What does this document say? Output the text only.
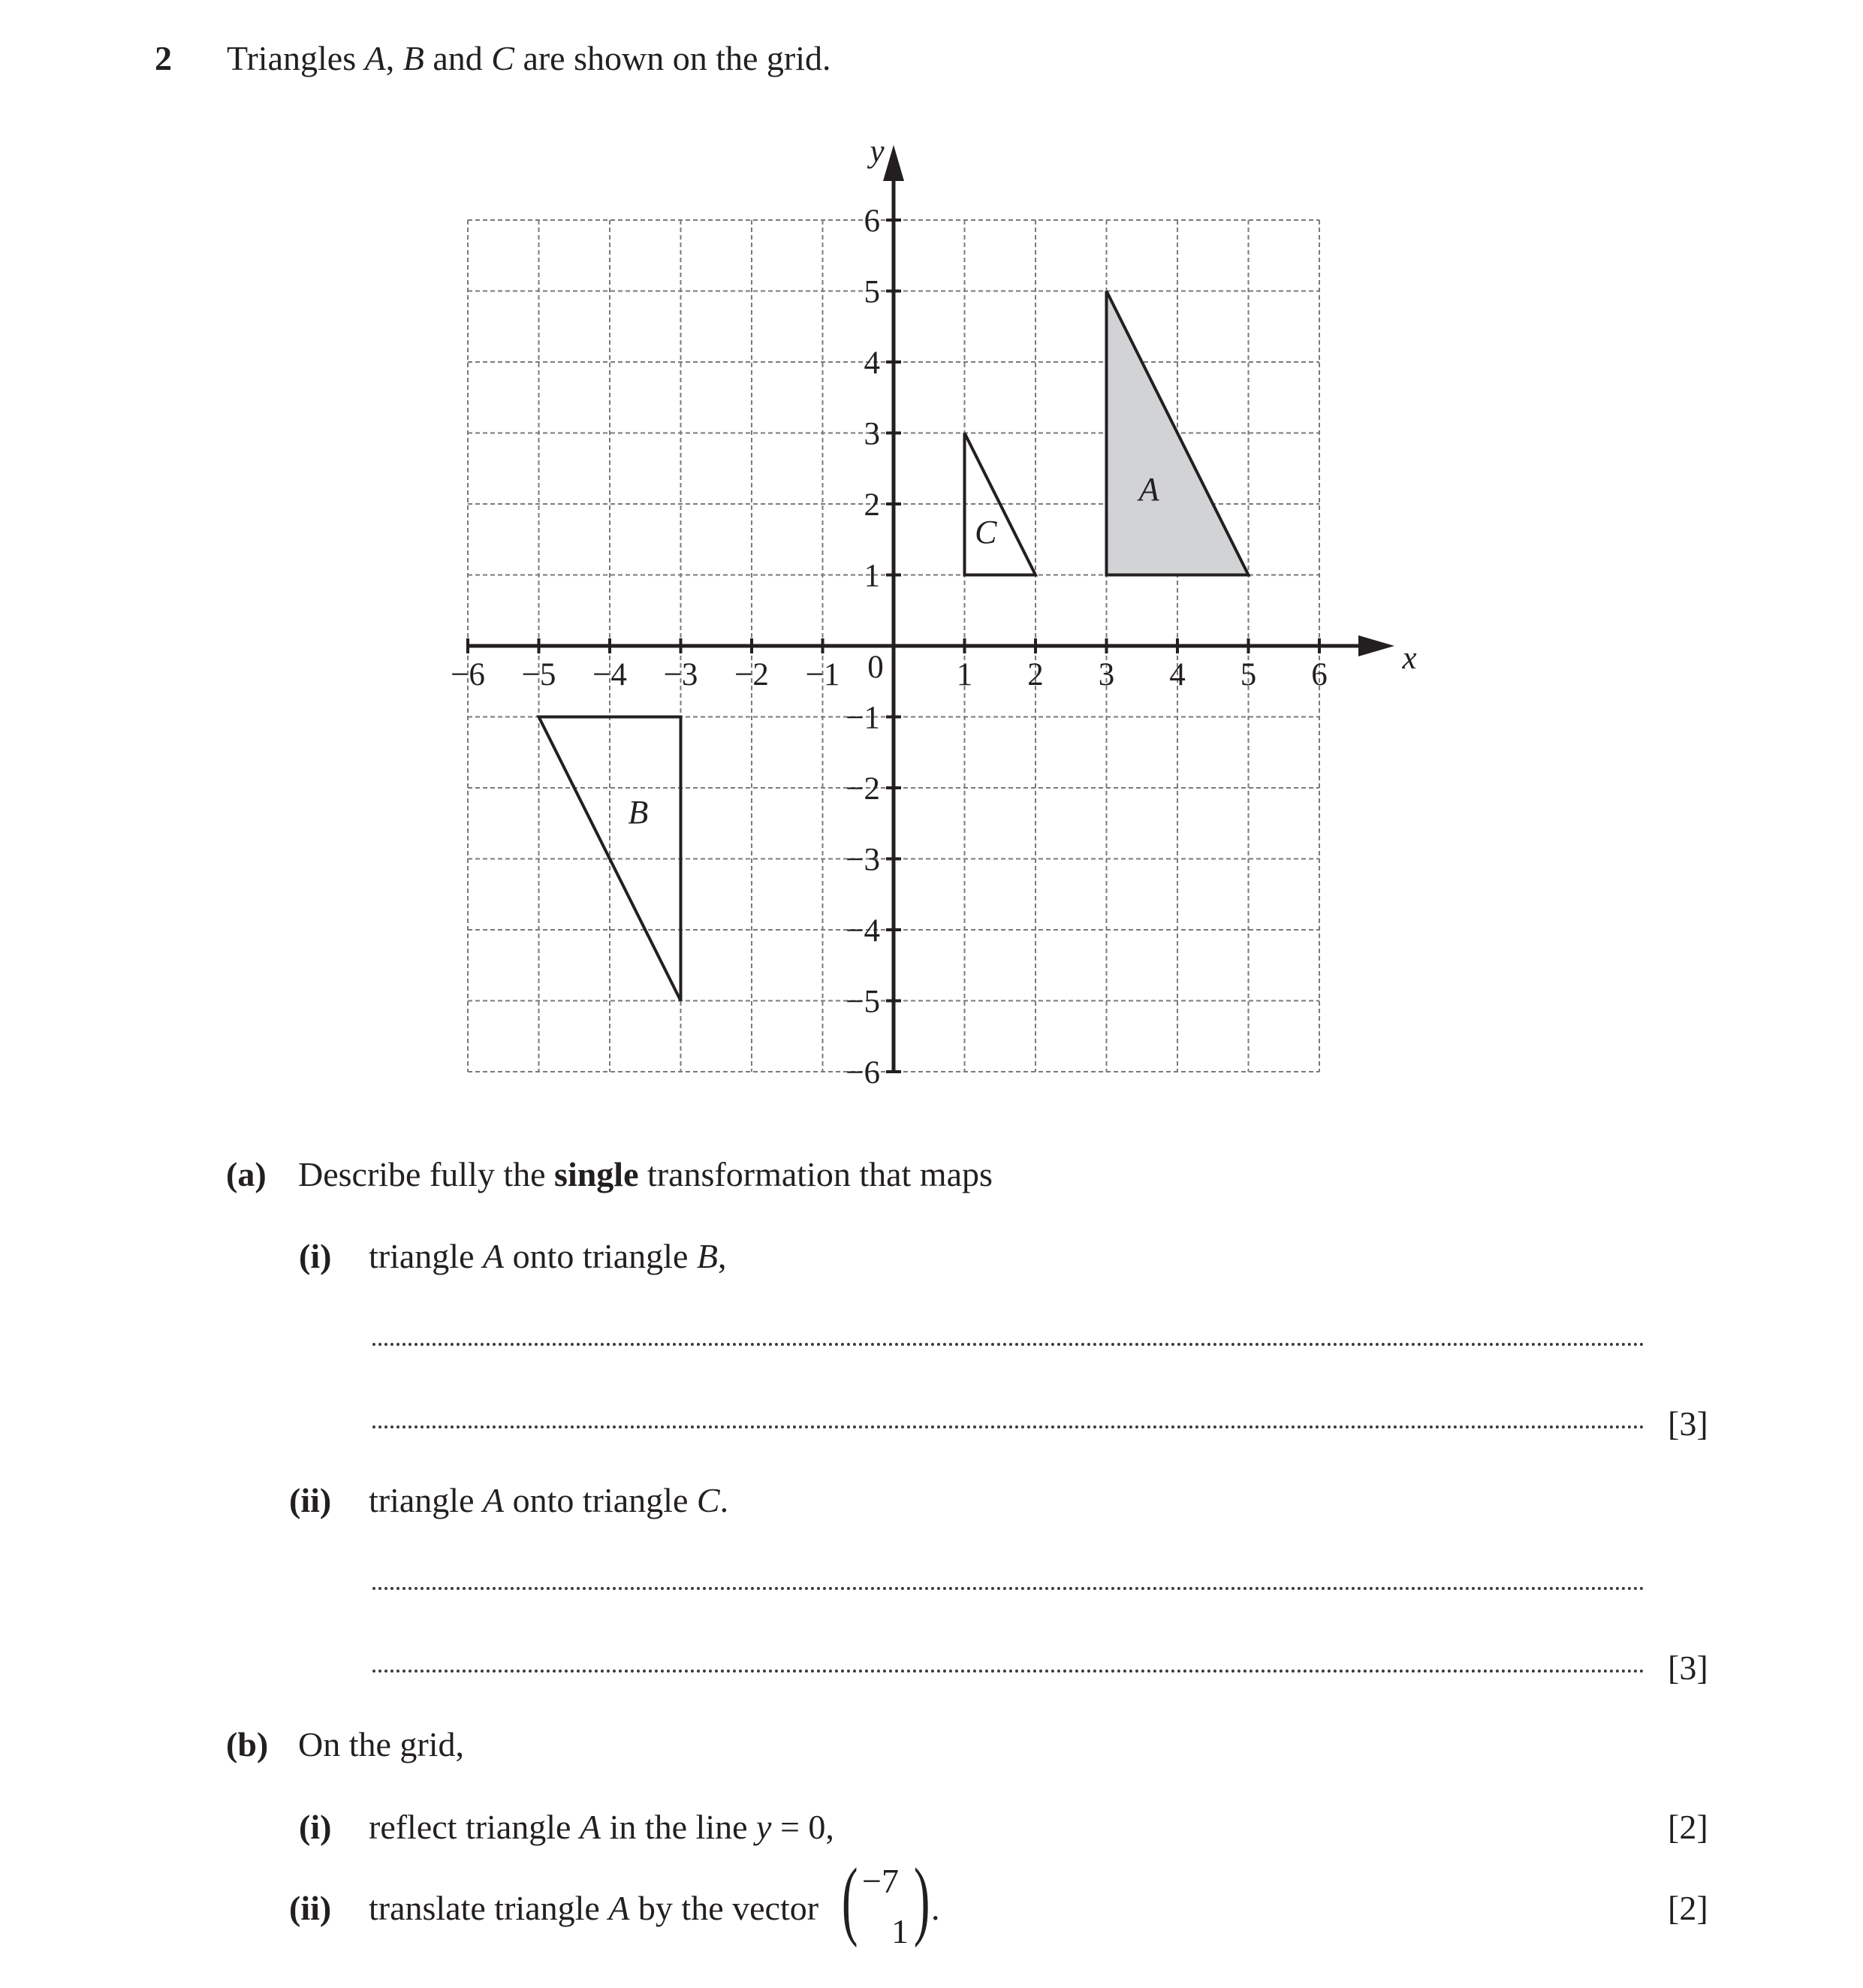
2 Triangles A, B and C are shown on the grid.
A
B
C
−6 −5 −4 −3 −2 −1	1 2 3 4 5 6
6
5
4
3
2
1
−1
−2
−3
−4
−5
−6
0	x
y
(a) Describe fully the single transformation that maps
(i) triangle A onto triangle B,
[3]
(ii) triangle A onto triangle C.
[3]
(b) On the grid,
(i) reflect triangle A in the line y = 0,	[2]
(ii) translate triangle A by the vector ( −7
1 ) .	[2]
